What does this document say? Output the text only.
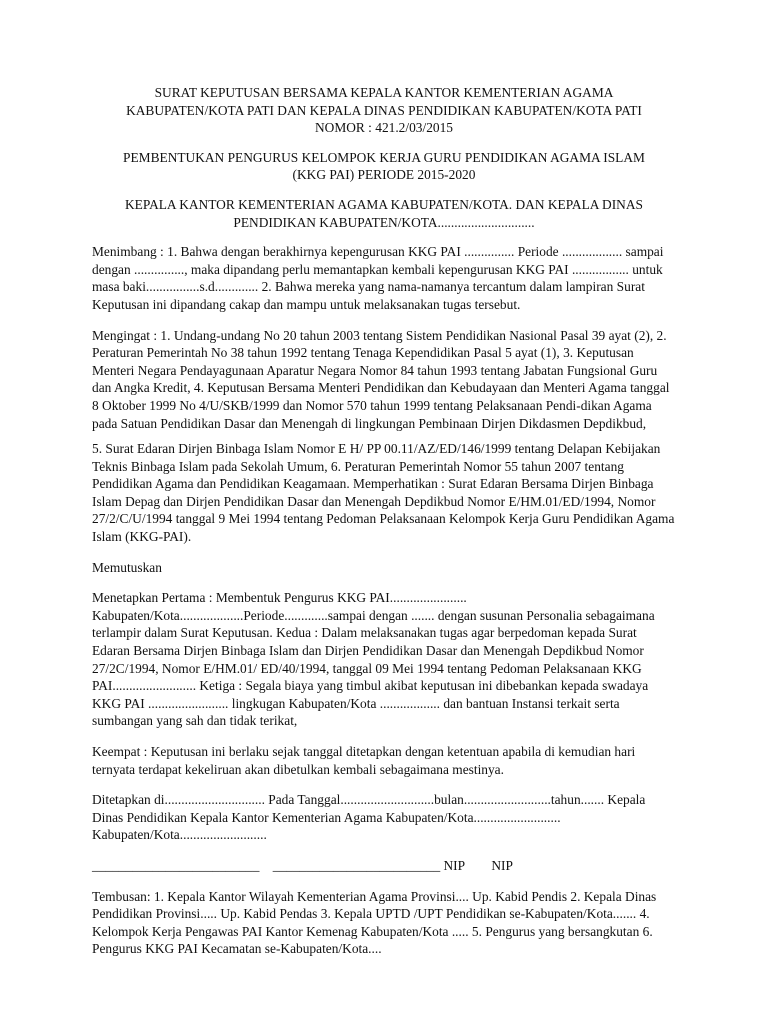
SURAT KEPUTUSAN BERSAMA KEPALA KANTOR KEMENTERIAN AGAMA
KABUPATEN/KOTA PATI DAN KEPALA DINAS PENDIDIKAN KABUPATEN/KOTA PATI
NOMOR : 421.2/03/2015
PEMBENTUKAN PENGURUS KELOMPOK KERJA GURU PENDIDIKAN AGAMA ISLAM
(KKG PAI) PERIODE 2015-2020
KEPALA KANTOR KEMENTERIAN AGAMA KABUPATEN/KOTA. DAN KEPALA DINAS
PENDIDIKAN KABUPATEN/KOTA.............................

Menimbang : 1. Bahwa dengan berakhirnya kepengurusan KKG PAI ............... Periode .................. sampai dengan ..............., maka dipandang perlu memantapkan kembali kepengurusan KKG PAI ................. untuk masa baki................s.d............. 2. Bahwa mereka yang nama-namanya tercantum dalam lampiran Surat Keputusan ini dipandang cakap dan mampu untuk melaksanakan tugas tersebut.

Mengingat : 1. Undang-undang No 20 tahun 2003 tentang Sistem Pendidikan Nasional Pasal 39 ayat (2), 2. Peraturan Pemerintah No 38 tahun 1992 tentang Tenaga Kependidikan Pasal 5 ayat (1), 3. Keputusan Menteri Negara Pendayagunaan Aparatur Negara Nomor 84 tahun 1993 tentang Jabatan Fungsional Guru dan Angka Kredit, 4. Keputusan Bersama Menteri Pendidikan dan Kebudayaan dan Menteri Agama tanggal 8 Oktober 1999 No 4/U/SKB/1999 dan Nomor 570 tahun 1999 tentang Pelaksanaan Pendi-dikan Agama pada Satuan Pendidikan Dasar dan Menengah di lingkungan Pembinaan Dirjen Dikdasmen Depdikbud,

5. Surat Edaran Dirjen Binbaga Islam Nomor E H/ PP 00.11/AZ/ED/146/1999 tentang Delapan Kebijakan Teknis Binbaga Islam pada Sekolah Umum, 6. Peraturan Pemerintah Nomor 55 tahun 2007 tentang Pendidikan Agama dan Pendidikan Keagamaan. Memperhatikan : Surat Edaran Bersama Dirjen Binbaga Islam Depag dan Dirjen Pendidikan Dasar dan Menengah Depdikbud Nomor E/HM.01/ED/1994, Nomor 27/2/C/U/1994 tanggal 9 Mei 1994 tentang Pedoman Pelaksanaan Kelompok Kerja Guru Pendidikan Agama Islam (KKG-PAI).

Memutuskan

Menetapkan Pertama : Membentuk Pengurus KKG PAI....................... Kabupaten/Kota...................Periode.............sampai dengan ....... dengan susunan Personalia sebagaimana terlampir dalam Surat Keputusan. Kedua : Dalam melaksanakan tugas agar berpedoman kepada Surat Edaran Bersama Dirjen Binbaga Islam dan Dirjen Pendidikan Dasar dan Menengah Depdikbud Nomor 27/2C/1994, Nomor E/HM.01/ ED/40/1994, tanggal 09 Mei 1994 tentang Pedoman Pelaksanaan KKG PAI......................... Ketiga : Segala biaya yang timbul akibat keputusan ini dibebankan kepada swadaya KKG PAI ........................ lingkugan Kabupaten/Kota .................. dan bantuan Instansi terkait serta sumbangan yang sah dan tidak terikat,

Keempat : Keputusan ini berlaku sejak tanggal ditetapkan dengan ketentuan apabila di kemudian hari ternyata terdapat kekeliruan akan dibetulkan kembali sebagaimana mestinya.

Ditetapkan di.............................. Pada Tanggal............................bulan..........................tahun....... Kepala Dinas Pendidikan Kepala Kantor Kementerian Agama Kabupaten/Kota.......................... Kabupaten/Kota..........................

_________________________    _________________________ NIP        NIP

Tembusan: 1. Kepala Kantor Wilayah Kementerian Agama Provinsi.... Up. Kabid Pendis 2. Kepala Dinas Pendidikan Provinsi..... Up. Kabid Pendas 3. Kepala UPTD /UPT Pendidikan se-Kabupaten/Kota....... 4. Kelompok Kerja Pengawas PAI Kantor Kemenag Kabupaten/Kota ..... 5. Pengurus yang bersangkutan 6. Pengurus KKG PAI Kecamatan se-Kabupaten/Kota....
